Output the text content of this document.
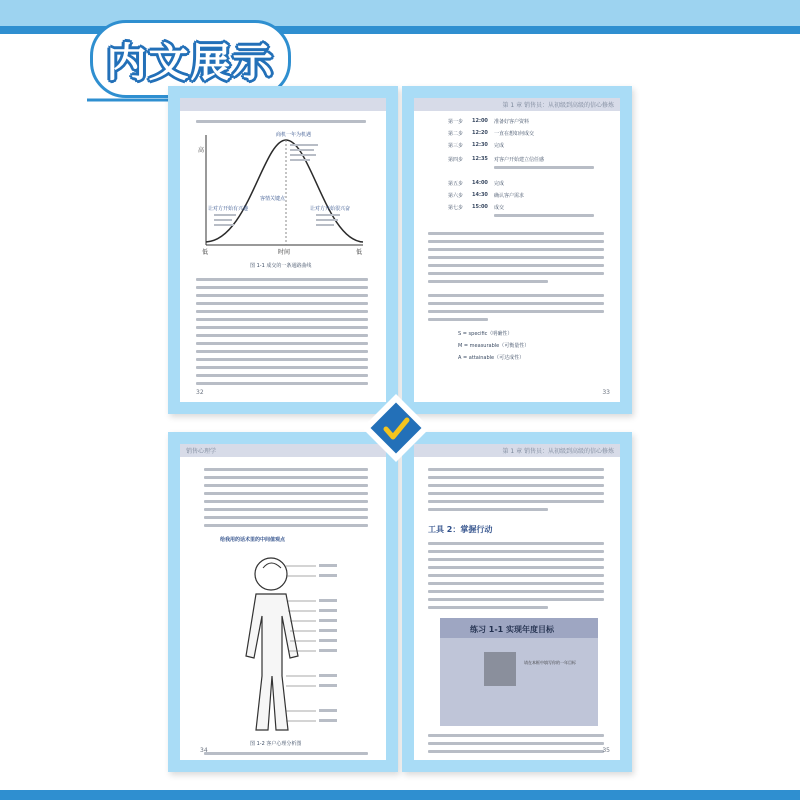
内文展示
高
低	时间	低
商机一年为机遇
客情关键点
让对方开始有兴趣	让对方开始很兴奋
图 1-1 成交的一条通路曲线
32
第 1 章 销售员：从初级到高级的信心修炼
第一步 12:00 准备好客户资料
第二步 12:20 一直在想如何成交
第三步 12:30 完成
第四步 12:35 对客户开始建立信任感
第五步 14:00 完成
第六步 14:30 确认客户需求
第七步 15:00 成交
S = specific（明确性）
M = measurable（可衡量性）
A = attainable（可达成性）
33
销售心理学
给我用的话术里的中间值观点
图 1-2 客户心理分析图
34
第 1 章 销售员：从初级到高级的信心修炼
工具 2：掌握行动
练习 1-1 实现年度目标
请在本框中填写你的一年目标
35
